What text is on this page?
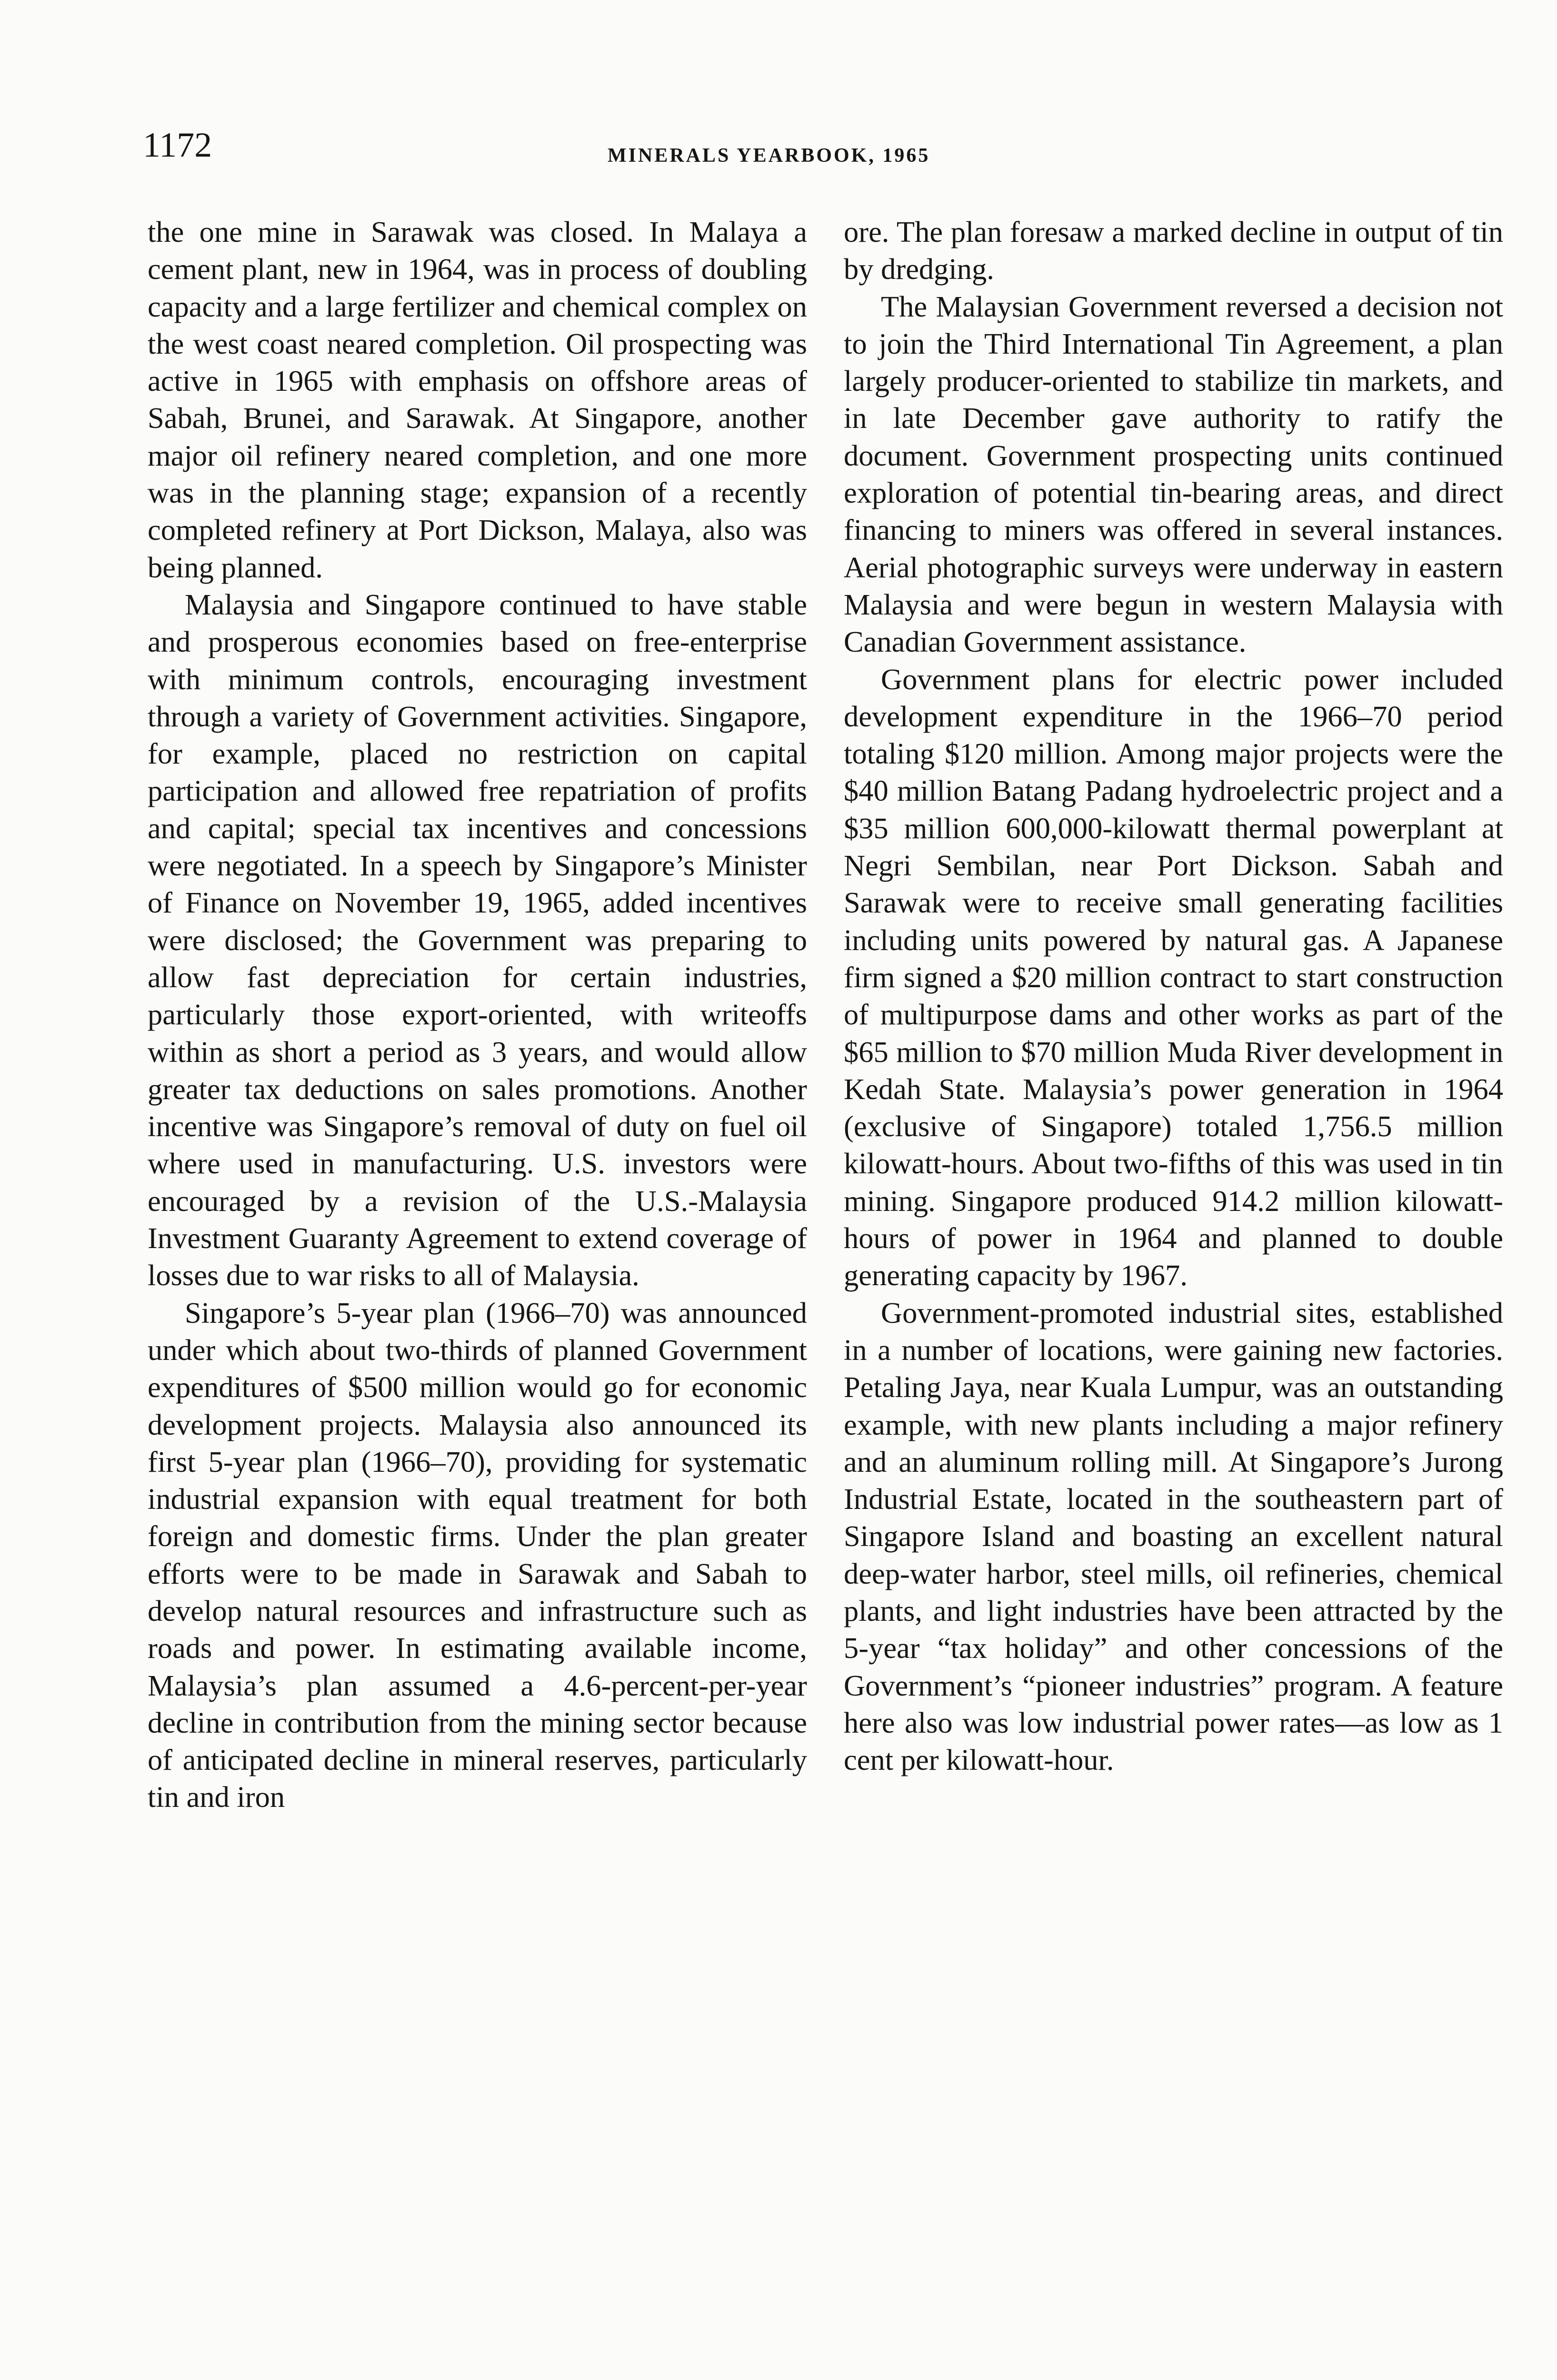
1172	MINERALS YEARBOOK, 1965

the one mine in Sarawak was closed. In Malaya a cement plant, new in 1964, was in process of doubling capacity and a large fertilizer and chemical complex on the west coast neared completion. Oil prospecting was active in 1965 with emphasis on offshore areas of Sabah, Brunei, and Sarawak. At Singapore, another major oil refinery neared completion, and one more was in the planning stage; expansion of a recently completed refinery at Port Dickson, Malaya, also was being planned.

Malaysia and Singapore continued to have stable and prosperous economies based on free-enterprise with minimum controls, encouraging investment through a variety of Government activities. Singapore, for example, placed no restriction on capital participation and allowed free repatriation of profits and capital; special tax incentives and concessions were negotiated. In a speech by Singapore’s Minister of Finance on November 19, 1965, added incentives were disclosed; the Government was preparing to allow fast depreciation for certain industries, particularly those export-oriented, with writeoffs within as short a period as 3 years, and would allow greater tax deductions on sales promotions. Another incentive was Singapore’s removal of duty on fuel oil where used in manufacturing. U.S. investors were encouraged by a revision of the U.S.-Malaysia Investment Guaranty Agreement to extend coverage of losses due to war risks to all of Malaysia.

Singapore’s 5-year plan (1966–70) was announced under which about two-thirds of planned Government expenditures of $500 million would go for economic development projects. Malaysia also announced its first 5-year plan (1966–70), providing for systematic industrial expansion with equal treatment for both foreign and domestic firms. Under the plan greater efforts were to be made in Sarawak and Sabah to develop natural resources and infrastructure such as roads and power. In estimating available income, Malaysia’s plan assumed a 4.6-percent-per-year decline in contribution from the mining sector because of anticipated decline in mineral reserves, particularly tin and iron

ore. The plan foresaw a marked decline in output of tin by dredging.

The Malaysian Government reversed a decision not to join the Third International Tin Agreement, a plan largely producer-oriented to stabilize tin markets, and in late December gave authority to ratify the document. Government prospecting units continued exploration of potential tin-bearing areas, and direct financing to miners was offered in several instances. Aerial photographic surveys were underway in eastern Malaysia and were begun in western Malaysia with Canadian Government assistance.

Government plans for electric power included development expenditure in the 1966–70 period totaling $120 million. Among major projects were the $40 million Batang Padang hydroelectric project and a $35 million 600,000-kilowatt thermal powerplant at Negri Sembilan, near Port Dickson. Sabah and Sarawak were to receive small generating facilities including units powered by natural gas. A Japanese firm signed a $20 million contract to start construction of multipurpose dams and other works as part of the $65 million to $70 million Muda River development in Kedah State. Malaysia’s power generation in 1964 (exclusive of Singapore) totaled 1,756.5 million kilowatt-hours. About two-fifths of this was used in tin mining. Singapore produced 914.2 million kilowatt-hours of power in 1964 and planned to double generating capacity by 1967.

Government-promoted industrial sites, established in a number of locations, were gaining new factories. Petaling Jaya, near Kuala Lumpur, was an outstanding example, with new plants including a major refinery and an aluminum rolling mill. At Singapore’s Jurong Industrial Estate, located in the southeastern part of Singapore Island and boasting an excellent natural deep-water harbor, steel mills, oil refineries, chemical plants, and light industries have been attracted by the 5-year “tax holiday” and other concessions of the Government’s “pioneer industries” program. A feature here also was low industrial power rates—as low as 1 cent per kilowatt-hour.
